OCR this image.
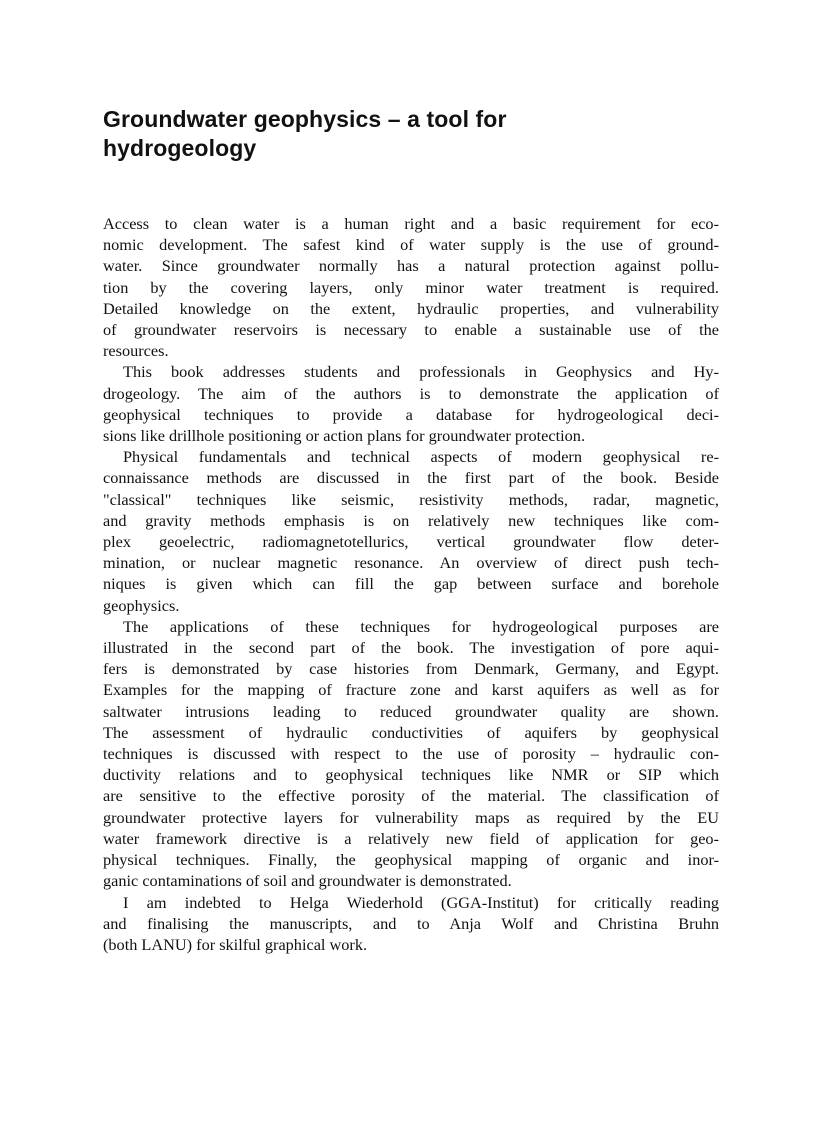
Groundwater geophysics – a tool for
hydrogeology

Access to clean water is a human right and a basic requirement for eco-
nomic development. The safest kind of water supply is the use of ground-
water. Since groundwater normally has a natural protection against pollu-
tion by the covering layers, only minor water treatment is required.
Detailed knowledge on the extent, hydraulic properties, and vulnerability
of groundwater reservoirs is necessary to enable a sustainable use of the
resources.

This book addresses students and professionals in Geophysics and Hy-
drogeology. The aim of the authors is to demonstrate the application of
geophysical techniques to provide a database for hydrogeological deci-
sions like drillhole positioning or action plans for groundwater protection.

Physical fundamentals and technical aspects of modern geophysical re-
connaissance methods are discussed in the first part of the book. Beside
"classical" techniques like seismic, resistivity methods, radar, magnetic,
and gravity methods emphasis is on relatively new techniques like com-
plex geoelectric, radiomagnetotellurics, vertical groundwater flow deter-
mination, or nuclear magnetic resonance. An overview of direct push tech-
niques is given which can fill the gap between surface and borehole
geophysics.

The applications of these techniques for hydrogeological purposes are
illustrated in the second part of the book. The investigation of pore aqui-
fers is demonstrated by case histories from Denmark, Germany, and Egypt.
Examples for the mapping of fracture zone and karst aquifers as well as for
saltwater intrusions leading to reduced groundwater quality are shown.
The assessment of hydraulic conductivities of aquifers by geophysical
techniques is discussed with respect to the use of porosity – hydraulic con-
ductivity relations and to geophysical techniques like NMR or SIP which
are sensitive to the effective porosity of the material. The classification of
groundwater protective layers for vulnerability maps as required by the EU
water framework directive is a relatively new field of application for geo-
physical techniques. Finally, the geophysical mapping of organic and inor-
ganic contaminations of soil and groundwater is demonstrated.

I am indebted to Helga Wiederhold (GGA-Institut) for critically reading
and finalising the manuscripts, and to Anja Wolf and Christina Bruhn
(both LANU) for skilful graphical work.
